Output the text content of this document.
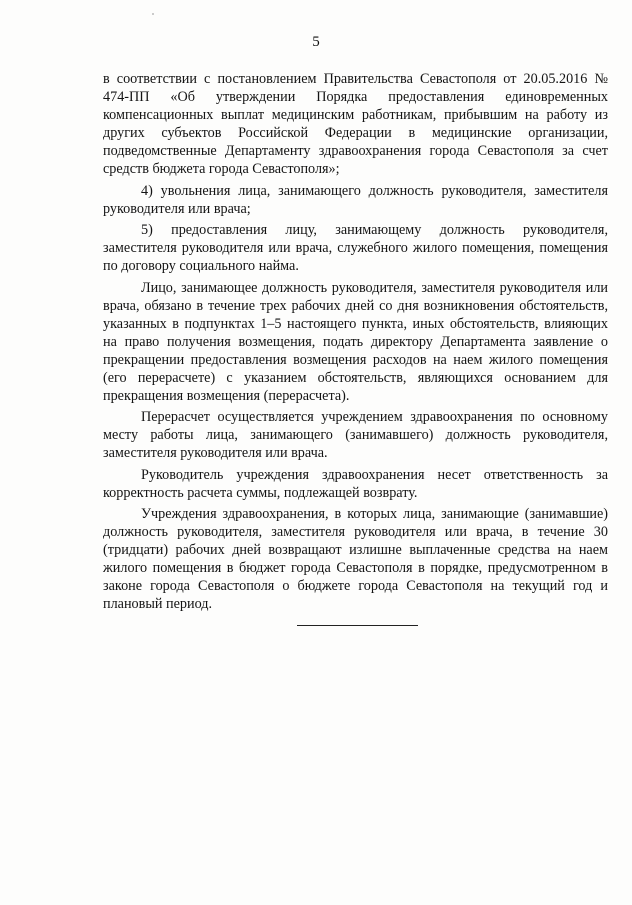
5

в соответствии с постановлением Правительства Севастополя от 20.05.2016 № 474-ПП «Об утверждении Порядка предоставления единовременных компенсационных выплат медицинским работникам, прибывшим на работу из других субъектов Российской Федерации в медицинские организации, подведомственные Департаменту здравоохранения города Севастополя за счет средств бюджета города Севастополя»;

4) увольнения лица, занимающего должность руководителя, заместителя руководителя или врача;

5) предоставления лицу, занимающему должность руководителя, заместителя руководителя или врача, служебного жилого помещения, помещения по договору социального найма.

Лицо, занимающее должность руководителя, заместителя руководителя или врача, обязано в течение трех рабочих дней со дня возникновения обстоятельств, указанных в подпунктах 1–5 настоящего пункта, иных обстоятельств, влияющих на право получения возмещения, подать директору Департамента заявление о прекращении предоставления возмещения расходов на наем жилого помещения (его перерасчете) с указанием обстоятельств, являющихся основанием для прекращения возмещения (перерасчета).

Перерасчет осуществляется учреждением здравоохранения по основному месту работы лица, занимающего (занимавшего) должность руководителя, заместителя руководителя или врача.

Руководитель учреждения здравоохранения несет ответственность за корректность расчета суммы, подлежащей возврату.

Учреждения здравоохранения, в которых лица, занимающие (занимавшие) должность руководителя, заместителя руководителя или врача, в течение 30 (тридцати) рабочих дней возвращают излишне выплаченные средства на наем жилого помещения в бюджет города Севастополя в порядке, предусмотренном в законе города Севастополя о бюджете города Севастополя на текущий год и плановый период.
